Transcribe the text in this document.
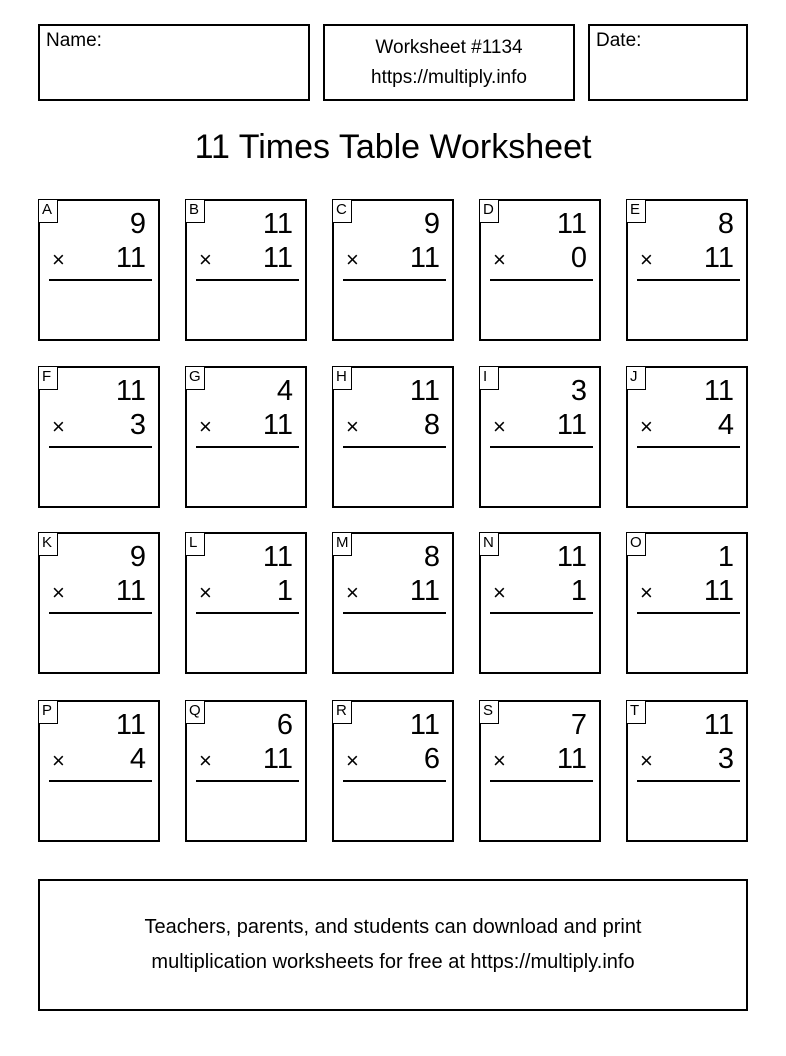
Name:	Worksheet #1134
https://multiply.info
Date:
11 Times Table Worksheet
A	9
× 11
B 11
× 11
C	9
× 11
D 11
× 0
E	8
× 11
F 11
× 3
G	4
× 11
H 11
× 8
I	3
× 11
J 11
× 4
K	9
× 11
L 11
× 1
M	8
× 11
N 11
× 1
O	1
× 11
P 11
× 4
Q	6
× 11
R 11
× 6
S	7
× 11
T 11
× 3
Teachers, parents, and students can download and print
multiplication worksheets for free at https://multiply.info
